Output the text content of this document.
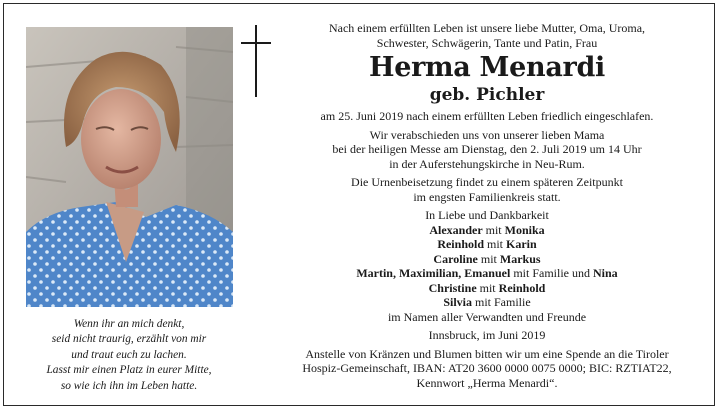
Wenn ihr an mich denkt,
seid nicht traurig, erzählt von mir
und traut euch zu lachen.
Lasst mir einen Platz in eurer Mitte,
so wie ich ihn im Leben hatte.
Nach einem erfüllten Leben ist unsere liebe Mutter, Oma, Uroma,
Schwester, Schwägerin, Tante und Patin, Frau
Herma Menardi
geb. Pichler
am 25. Juni 2019 nach einem erfüllten Leben friedlich eingeschlafen.
Wir verabschieden uns von unserer lieben Mama
bei der heiligen Messe am Dienstag, den 2. Juli 2019 um 14 Uhr
in der Auferstehungskirche in Neu-Rum.
Die Urnenbeisetzung findet zu einem späteren Zeitpunkt
im engsten Familienkreis statt.
In Liebe und Dankbarkeit
Alexander mit Monika
Reinhold mit Karin
Caroline mit Markus
Martin, Maximilian, Emanuel mit Familie und Nina
Christine mit Reinhold
Silvia mit Familie
im Namen aller Verwandten und Freunde
Innsbruck, im Juni 2019
Anstelle von Kränzen und Blumen bitten wir um eine Spende an die Tiroler
Hospiz-Gemeinschaft, IBAN: AT20 3600 0000 0075 0000; BIC: RZTIAT22,
Kennwort „Herma Menardi“.
